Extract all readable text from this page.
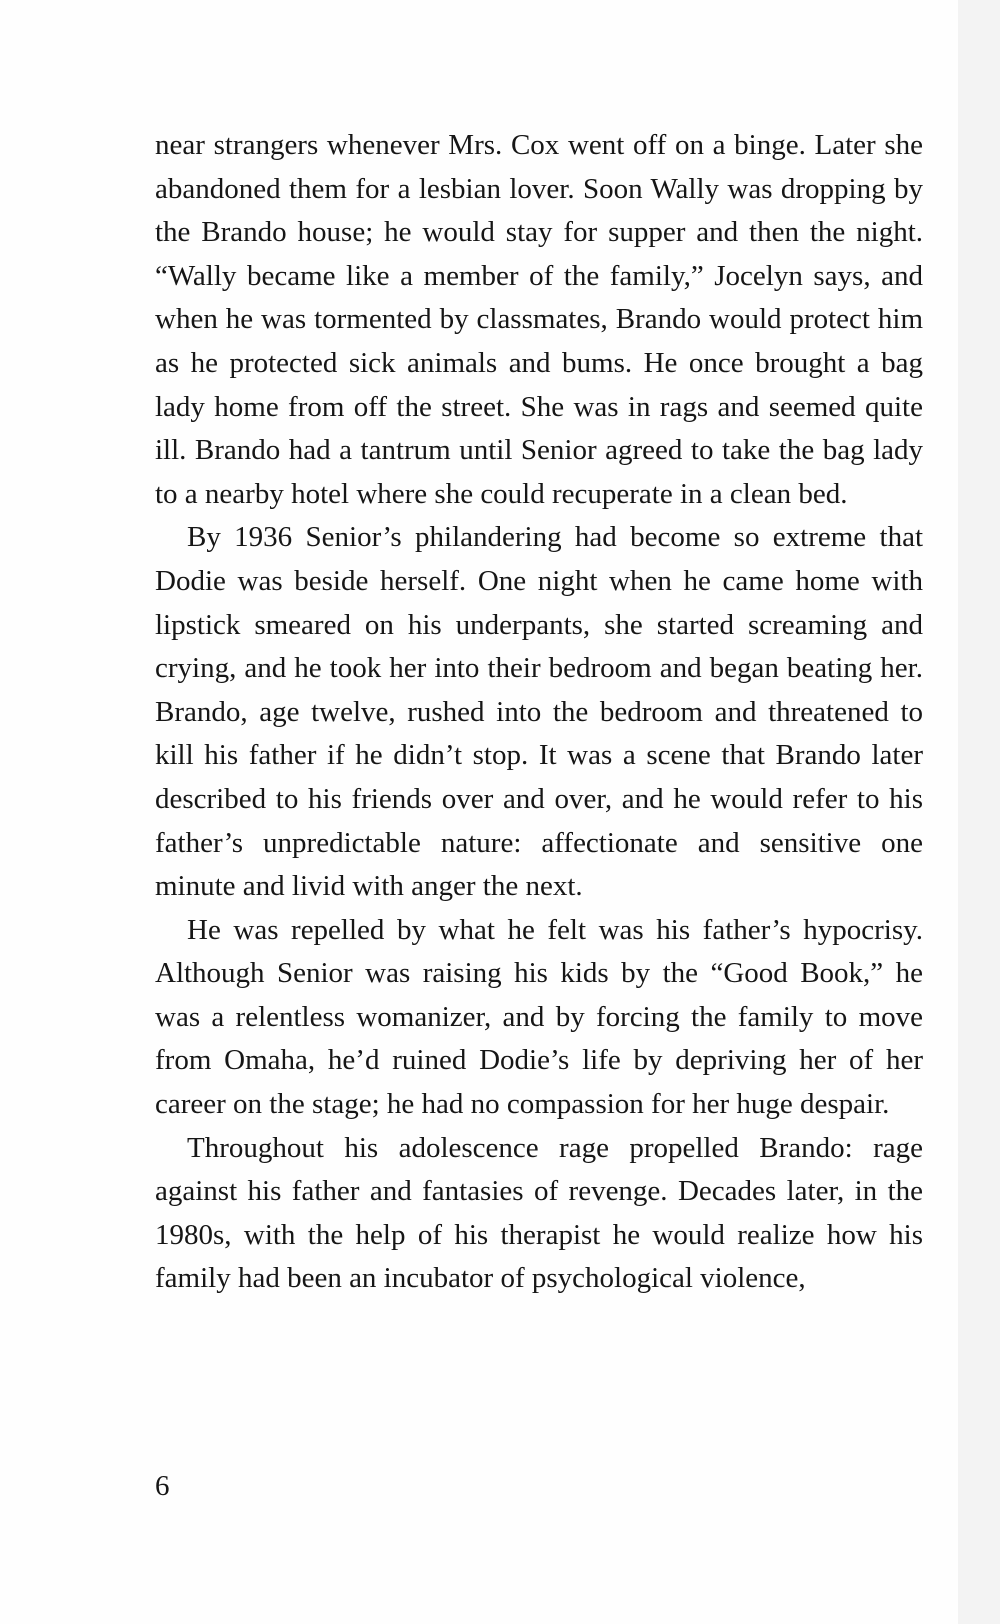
near strangers whenever Mrs. Cox went off on a binge. Later she abandoned them for a lesbian lover. Soon Wally was dropping by the Brando house; he would stay for supper and then the night. “Wally became like a member of the family,” Jocelyn says, and when he was tormented by classmates, Brando would protect him as he protected sick animals and bums. He once brought a bag lady home from off the street. She was in rags and seemed quite ill. Brando had a tantrum until Senior agreed to take the bag lady to a nearby hotel where she could recuperate in a clean bed.

By 1936 Senior’s philandering had become so extreme that Dodie was beside herself. One night when he came home with lipstick smeared on his underpants, she started screaming and crying, and he took her into their bedroom and began beating her. Brando, age twelve, rushed into the bedroom and threatened to kill his father if he didn’t stop. It was a scene that Brando later described to his friends over and over, and he would refer to his father’s unpredictable nature: affectionate and sensitive one minute and livid with anger the next.

He was repelled by what he felt was his father’s hypocrisy. Although Senior was raising his kids by the “Good Book,” he was a relentless womanizer, and by forcing the family to move from Omaha, he’d ruined Dodie’s life by depriving her of her career on the stage; he had no compassion for her huge despair.

Throughout his adolescence rage propelled Brando: rage against his father and fantasies of revenge. Decades later, in the 1980s, with the help of his therapist he would realize how his family had been an incubator of psychological violence,

6
